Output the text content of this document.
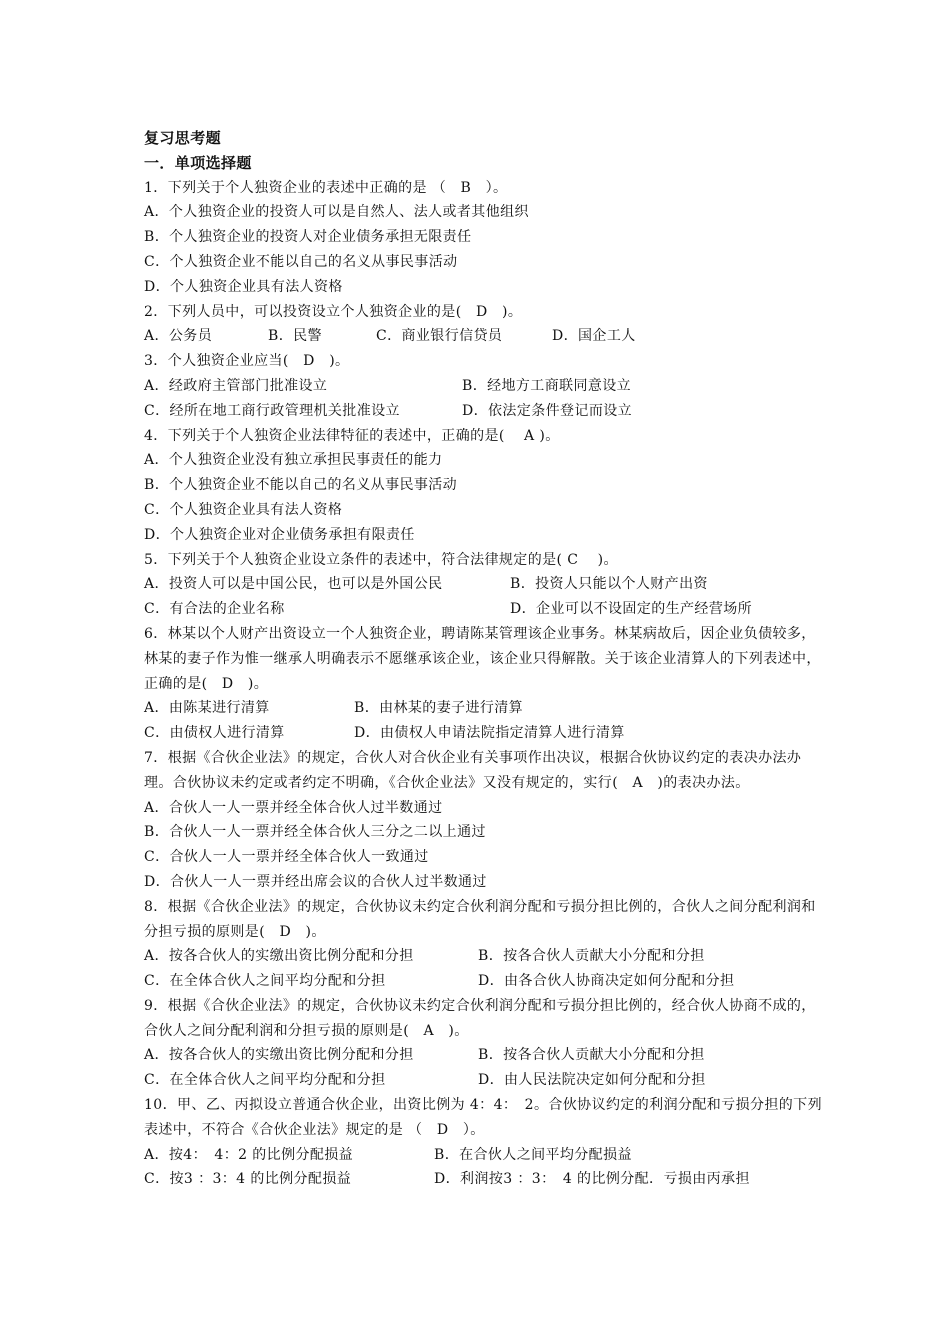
复习思考题
一．单项选择题
1．下列关于个人独资企业的表述中正确的是 （　B　）。
A．个人独资企业的投资人可以是自然人、法人或者其他组织
B．个人独资企业的投资人对企业债务承担无限责任
C．个人独资企业不能以自己的名义从事民事活动
D．个人独资企业具有法人资格
2．下列人员中，可以投资设立个人独资企业的是(　D　)。
A．公务员	B．民警	C．商业银行信贷员	D．国企工人
3．个人独资企业应当(　D　)。
A．经政府主管部门批准设立	B．经地方工商联同意设立
C．经所在地工商行政管理机关批准设立	D．依法定条件登记而设立
4．下列关于个人独资企业法律特征的表述中，正确的是(　 A )。
A．个人独资企业没有独立承担民事责任的能力
B．个人独资企业不能以自己的名义从事民事活动
C．个人独资企业具有法人资格
D．个人独资企业对企业债务承担有限责任
5．下列关于个人独资企业设立条件的表述中，符合法律规定的是( C　 )。
A．投资人可以是中国公民，也可以是外国公民	B．投资人只能以个人财产出资
C．有合法的企业名称	D．企业可以不设固定的生产经营场所
6．林某以个人财产出资设立一个人独资企业，聘请陈某管理该企业事务。林某病故后，因企业负债较多，林某的妻子作为惟一继承人明确表示不愿继承该企业，该企业只得解散。关于该企业清算人的下列表述中，正确的是(　D　)。
A．由陈某进行清算	B．由林某的妻子进行清算
C．由债权人进行清算	D．由债权人申请法院指定清算人进行清算
7．根据《合伙企业法》的规定，合伙人对合伙企业有关事项作出决议，根据合伙协议约定的表决办法办理。合伙协议未约定或者约定不明确，《合伙企业法》又没有规定的，实行(　A　)的表决办法。
A．合伙人一人一票并经全体合伙人过半数通过
B．合伙人一人一票并经全体合伙人三分之二以上通过
C．合伙人一人一票并经全体合伙人一致通过
D．合伙人一人一票并经出席会议的合伙人过半数通过
8．根据《合伙企业法》的规定，合伙协议未约定合伙利润分配和亏损分担比例的，合伙人之间分配利润和分担亏损的原则是(　D　)。
A．按各合伙人的实缴出资比例分配和分担	B．按各合伙人贡献大小分配和分担
C．在全体合伙人之间平均分配和分担	D．由各合伙人协商决定如何分配和分担
9．根据《合伙企业法》的规定，合伙协议未约定合伙利润分配和亏损分担比例的，经合伙人协商不成的，合伙人之间分配利润和分担亏损的原则是(　A　)。
A．按各合伙人的实缴出资比例分配和分担	B．按各合伙人贡献大小分配和分担
C．在全体合伙人之间平均分配和分担	D．由人民法院决定如何分配和分担
10．甲、乙、丙拟设立普通合伙企业，出资比例为 4：4：　2。合伙协议约定的利润分配和亏损分担的下列表述中，不符合《合伙企业法》规定的是 （　D　）。
A．按4：　4：2 的比例分配损益	B．在合伙人之间平均分配损益
C．按3 ：3：4 的比例分配损益	D．利润按3 ：3：　4 的比例分配．亏损由丙承担
